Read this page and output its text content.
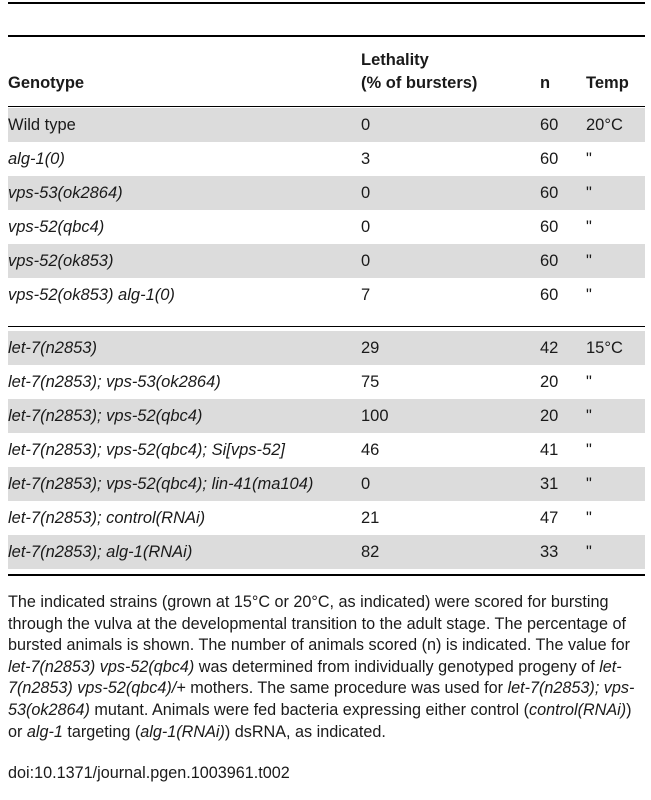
Lethality
Genotype	(% of bursters)	n Temp
Wild type	0	60 20°C
alg-1(0)	3	60 "
vps-53(ok2864)	0	60 "
vps-52(qbc4)	0	60 "
vps-52(ok853)	0	60 "
vps-52(ok853) alg-1(0)	7	60 "
let-7(n2853)	29	42 15°C
let-7(n2853); vps-53(ok2864)	75	20 "
let-7(n2853); vps-52(qbc4)	100	20 "
let-7(n2853); vps-52(qbc4); Si[vps-52]	46	41 "
let-7(n2853); vps-52(qbc4); lin-41(ma104)	0	31 "
let-7(n2853); control(RNAi)	21	47 "
let-7(n2853); alg-1(RNAi)	82	33 "
The indicated strains (grown at 15°C or 20°C, as indicated) were scored for bursting through the vulva at the developmental transition to the adult stage. The percentage of bursted animals is shown. The number of animals scored (n) is indicated. The value for let-7(n2853) vps-52(qbc4) was determined from individually genotyped progeny of let-7(n2853) vps-52(qbc4)/+ mothers. The same procedure was used for let-7(n2853); vps-53(ok2864) mutant. Animals were fed bacteria expressing either control (control(RNAi)) or alg-1 targeting (alg-1(RNAi)) dsRNA, as indicated.
doi:10.1371/journal.pgen.1003961.t002
